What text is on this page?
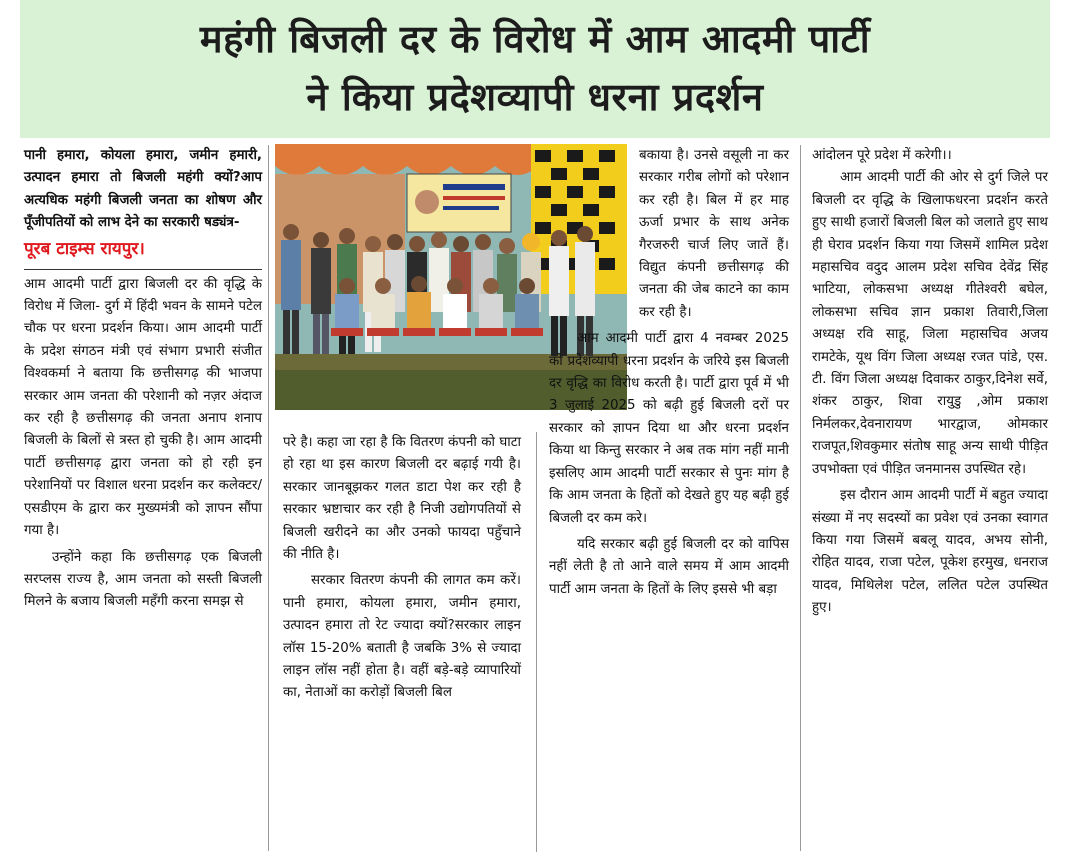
महंगी बिजली दर के विरोध में आम आदमी पार्टी
ने किया प्रदेशव्यापी धरना प्रदर्शन

पानी हमारा, कोयला हमारा, जमीन हमारी, उत्पादन हमारा तो बिजली महंगी क्यों?आप अत्यधिक महंगी बिजली जनता का शोषण और पूँजीपतियों को लाभ देने का सरकारी षड्यंत्र-

पूरब टाइम्स रायपुर।

आम आदमी पार्टी द्वारा बिजली दर की वृद्धि के विरोध में जिला- दुर्ग में हिंदी भवन के सामने पटेल चौक पर धरना प्रदर्शन किया। आम आदमी पार्टी के प्रदेश संगठन मंत्री एवं संभाग प्रभारी संजीत विश्वकर्मा ने बताया कि छत्तीसगढ़ की भाजपा सरकार आम जनता की परेशानी को नज़र अंदाज कर रही है छत्तीसगढ़ की जनता अनाप शनाप बिजली के बिलों से त्रस्त हो चुकी है। आम आदमी पार्टी छत्तीसगढ़ द्वारा जनता को हो रही इन परेशानियों पर विशाल धरना प्रदर्शन कर कलेक्टर/एसडीएम के द्वारा कर मुख्यमंत्री को ज्ञापन सौंपा गया है।

उन्होंने कहा कि छत्तीसगढ़ एक बिजली सरप्लस राज्य है, आम जनता को सस्ती बिजली मिलने के बजाय बिजली महँगी करना समझ से

परे है। कहा जा रहा है कि वितरण कंपनी को घाटा हो रहा था इस कारण बिजली दर बढ़ाई गयी है। सरकार जानबूझकर गलत डाटा पेश कर रही है सरकार भ्रष्टाचार कर रही है निजी उद्योगपतियों से बिजली खरीदने का और उनको फायदा पहुँचाने की नीति है।

सरकार वितरण कंपनी की लागत कम करें। पानी हमारा, कोयला हमारा, जमीन हमारा, उत्पादन हमारा तो रेट ज्यादा क्यों?सरकार लाइन लॉस 15-20% बताती है जबकि 3% से ज्यादा लाइन लॉस नहीं होता है। वहीं बड़े-बड़े व्यापारियों का, नेताओं का करोड़ों बिजली बिल

बकाया है। उनसे वसूली ना कर सरकार गरीब लोगों को परेशान कर रही है। बिल में हर माह ऊर्जा प्रभार के साथ अनेक गैरजरुरी चार्ज लिए जातें हैं।विद्युत कंपनी छत्तीसगढ़ की जनता की जेब काटने का काम कर रही है।

आम आदमी पार्टी द्वारा 4 नवम्बर 2025 को प्रदेशव्यापी धरना प्रदर्शन के जरिये इस बिजली दर वृद्धि का विरोध करती है। पार्टी द्वारा पूर्व में भी 3 जुलाई 2025 को बढ़ी हुई बिजली दरों पर सरकार को ज्ञापन दिया था और धरना प्रदर्शन किया था किन्तु सरकार ने अब तक मांग नहीं मानी इसलिए आम आदमी पार्टी सरकार से पुनः मांग है कि आम जनता के हितों को देखते हुए यह बढ़ी हुई बिजली दर कम करे।

यदि सरकार बढ़ी हुई बिजली दर को वापिस नहीं लेती है तो आने वाले समय में आम आदमी पार्टी आम जनता के हितों के लिए इससे भी बड़ा

आंदोलन पूरे प्रदेश में करेगी।।

आम आदमी पार्टी की ओर से दुर्ग जिले पर बिजली दर वृद्धि के खिलाफधरना प्रदर्शन करते हुए साथी हजारों बिजली बिल को जलाते हुए साथ ही घेराव प्रदर्शन किया गया जिसमें शामिल प्रदेश महासचिव वदुद आलम प्रदेश सचिव देवेंद्र सिंह भाटिया, लोकसभा अध्यक्ष गीतेश्वरी बघेल, लोकसभा सचिव ज्ञान प्रकाश तिवारी,जिला अध्यक्ष रवि साहू, जिला महासचिव अजय रामटेके, यूथ विंग जिला अध्यक्ष रजत पांडे, एस. टी. विंग जिला अध्यक्ष दिवाकर ठाकुर,दिनेश सर्वे, शंकर ठाकुर, शिवा रायुडु ,ओम प्रकाश निर्मलकर,देवनारायण भारद्वाज, ओमकार राजपूत,शिवकुमार संतोष साहू अन्य साथी पीड़ित उपभोक्ता एवं पीड़ित जनमानस उपस्थित रहे।

इस दौरान आम आदमी पार्टी में बहुत ज्यादा संख्या में नए सदस्यों का प्रवेश एवं उनका स्वागत किया गया जिसमें बबलू यादव, अभय सोनी, रोहित यादव, राजा पटेल, पूकेश हरमुख, धनराज यादव, मिथिलेश पटेल, ललित पटेल उपस्थित हुए।
